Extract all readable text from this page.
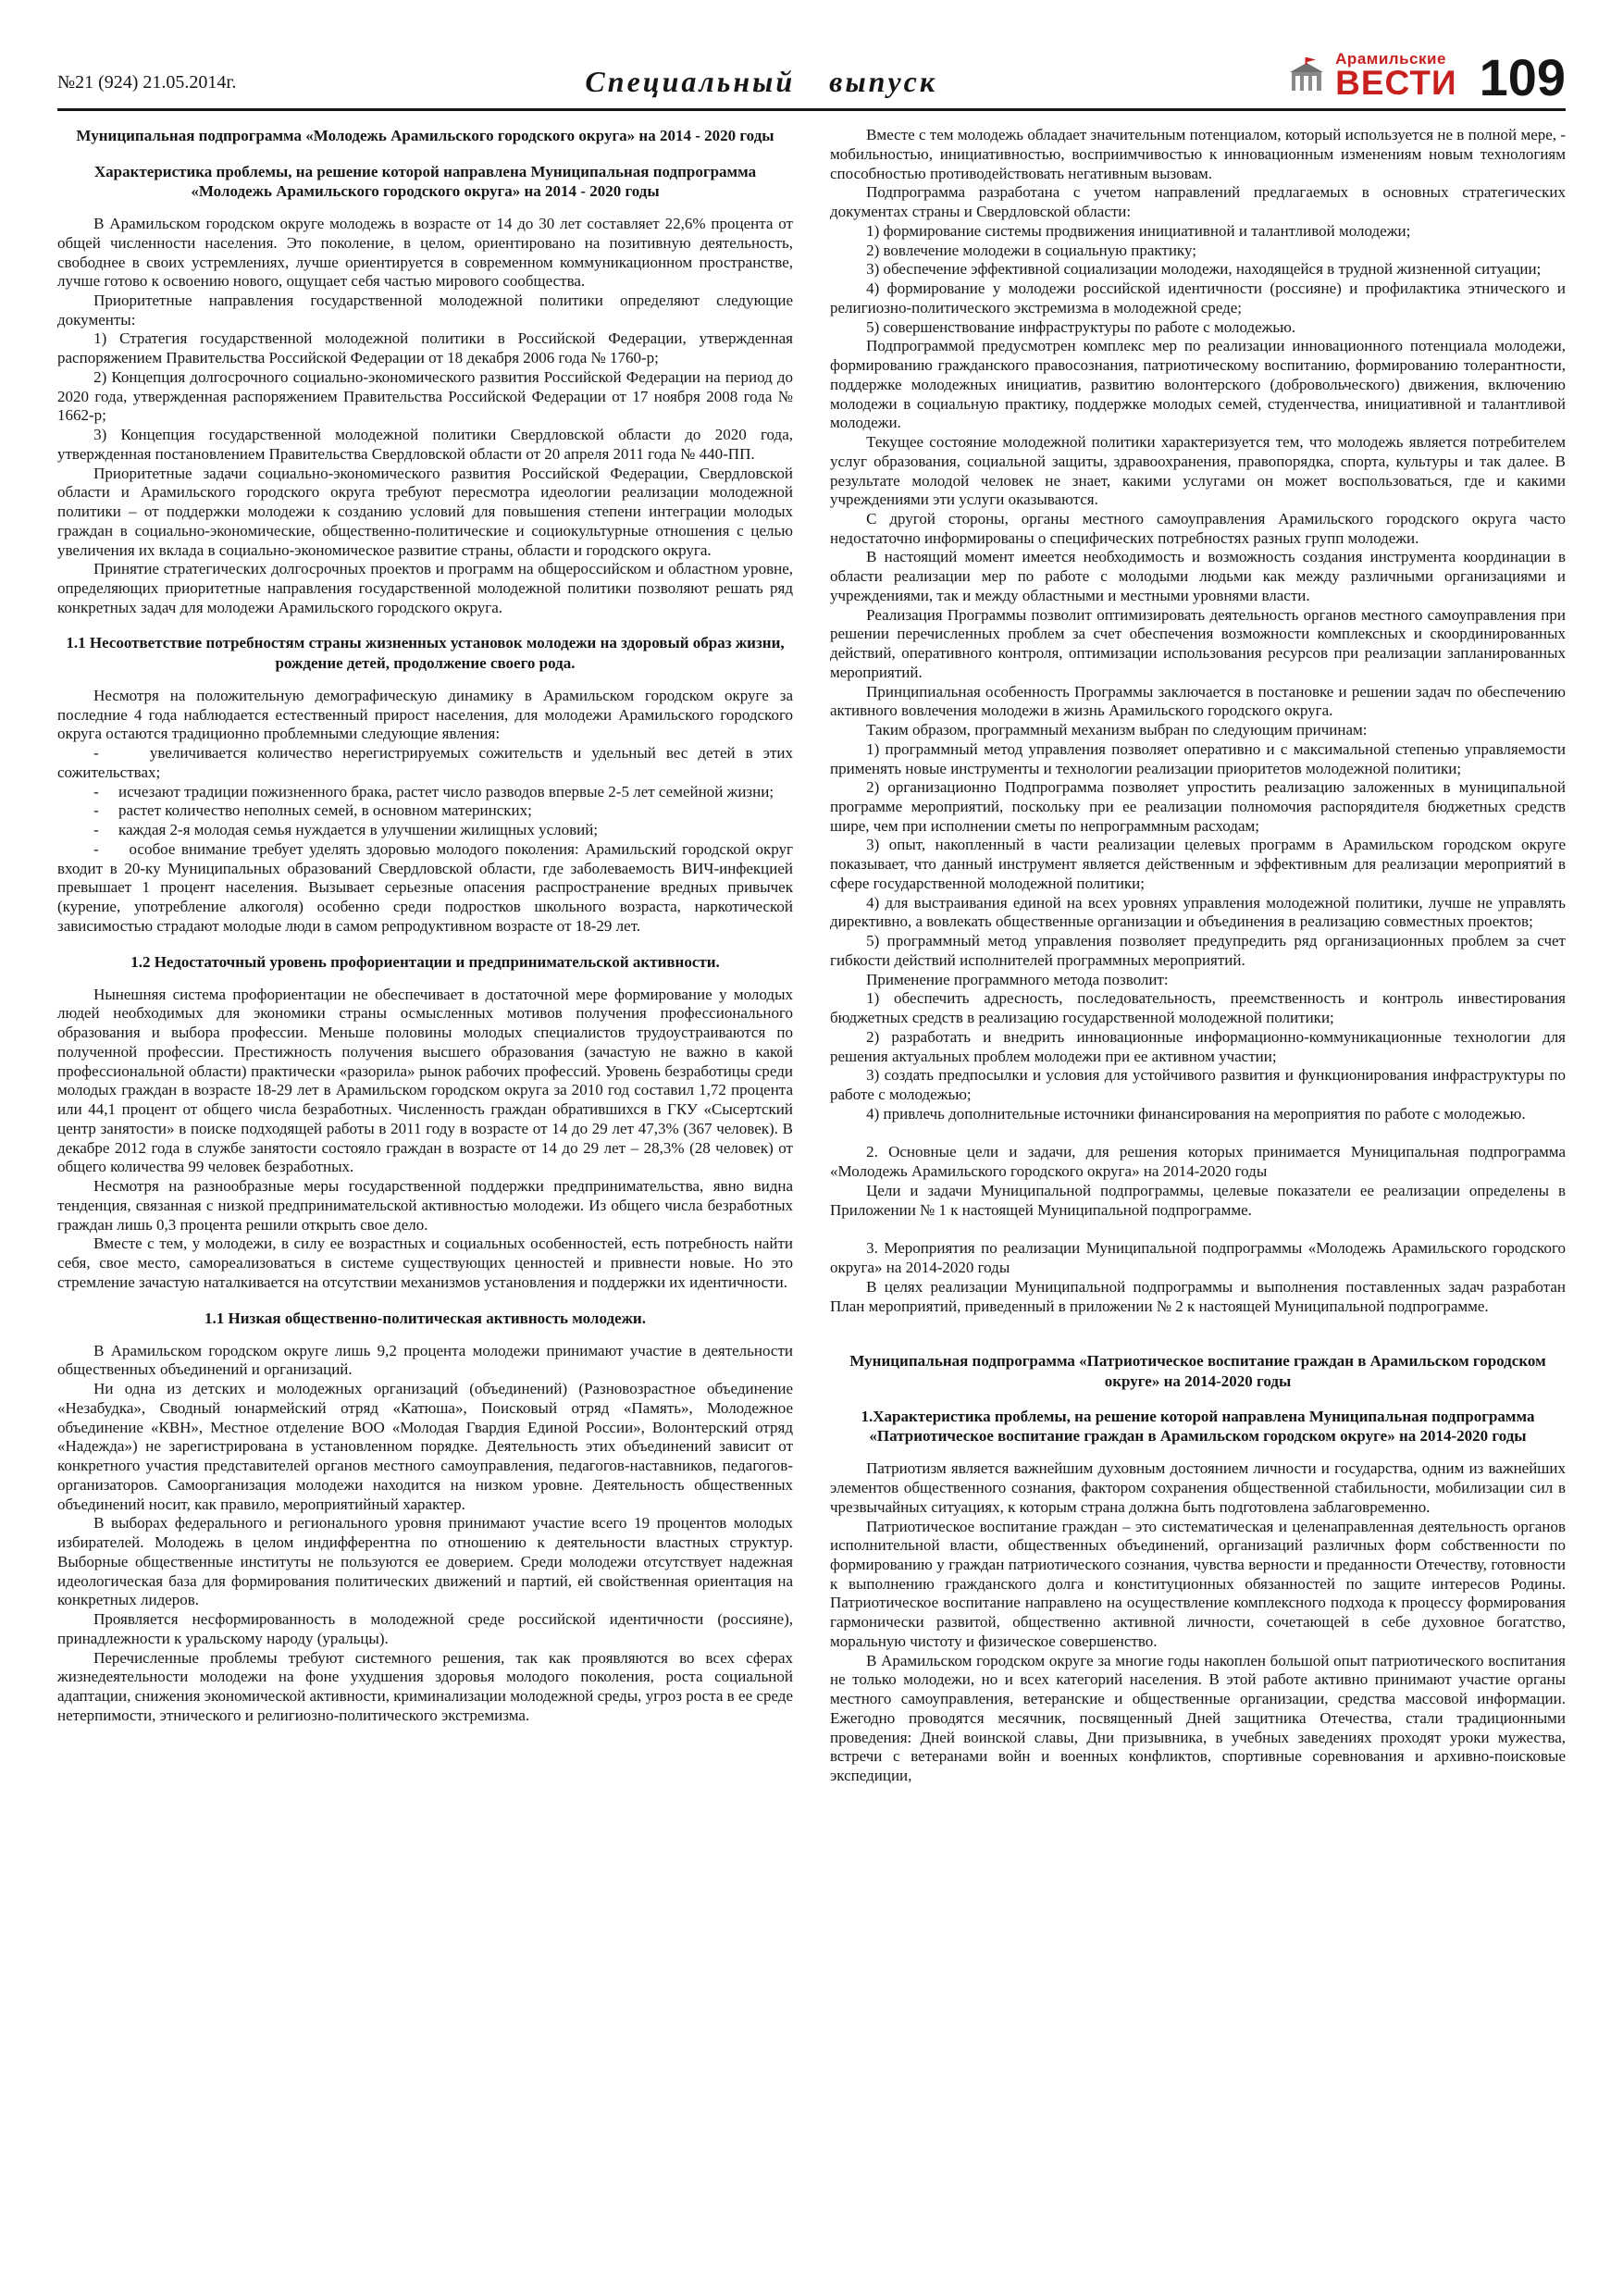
№21 (924) 21.05.2014г.	Специальный выпуск
Арамильские
ВЕСТИ 109
Муниципальная подпрограмма «Молодежь Арамильского городского округа» на 2014 - 2020 годы
Характеристика проблемы, на решение которой направлена Муниципальная подпрограмма «Молодежь Арамильского городского округа» на 2014 - 2020 годы

В Арамильском городском округе молодежь в возрасте от 14 до 30 лет составляет 22,6% процента от общей численности населения. Это поколение, в целом, ориентировано на позитивную деятельность, свободнее в своих устремлениях, лучше ориентируется в современном коммуникационном пространстве, лучше готово к освоению нового, ощущает себя частью мирового сообщества.

Приоритетные направления государственной молодежной политики определяют следующие документы:

1) Стратегия государственной молодежной политики в Российской Федерации, утвержденная распоряжением Правительства Российской Федерации от 18 декабря 2006 года № 1760-р;

2) Концепция долгосрочного социально-экономического развития Российской Федерации на период до 2020 года, утвержденная распоряжением Правительства Российской Федерации от 17 ноября 2008 года № 1662-р;

3) Концепция государственной молодежной политики Свердловской области до 2020 года, утвержденная постановлением Правительства Свердловской области от 20 апреля 2011 года № 440-ПП.

Приоритетные задачи социально-экономического развития Российской Федерации, Свердловской области и Арамильского городского округа требуют пересмотра идеологии реализации молодежной политики – от поддержки молодежи к созданию условий для повышения степени интеграции молодых граждан в социально-экономические, общественно-политические и социокультурные отношения с целью увеличения их вклада в социально-экономическое развитие страны, области и городского округа.

Принятие стратегических долгосрочных проектов и программ на общероссийском и областном уровне, определяющих приоритетные направления государственной молодежной политики позволяют решать ряд конкретных задач для молодежи Арамильского городского округа.

1.1 Несоответствие потребностям страны жизненных установок молодежи на здоровый образ жизни, рождение детей, продолжение своего рода.

Несмотря на положительную демографическую динамику в Арамильском городском округе за последние 4 года наблюдается естественный прирост населения, для молодежи Арамильского городского округа остаются традиционно проблемными следующие явления:

-     увеличивается количество нерегистрируемых сожительств и удельный вес детей в этих сожительствах;

-     исчезают традиции пожизненного брака, растет число разводов впервые 2-5 лет семейной жизни;

-     растет количество неполных семей, в основном материнских;

-     каждая 2-я молодая семья нуждается в улучшении жилищных условий;

-     особое внимание требует уделять здоровью молодого поколения: Арамильский городской округ входит в 20-ку Муниципальных образований Свердловской области, где заболеваемость ВИЧ-инфекцией превышает 1 процент населения. Вызывает серьезные опасения распространение вредных привычек (курение, употребление алкоголя) особенно среди подростков школьного возраста, наркотической зависимостью страдают молодые люди в самом репродуктивном возрасте от 18-29 лет.

1.2 Недостаточный уровень профориентации и предпринимательской активности.

Нынешняя система профориентации не обеспечивает в достаточной мере формирование у молодых людей необходимых для экономики страны осмысленных мотивов получения профессионального образования и выбора профессии. Меньше половины молодых специалистов трудоустраиваются по полученной профессии. Престижность получения высшего образования (зачастую не важно в какой профессиональной области) практически «разорила» рынок рабочих профессий. Уровень безработицы среди молодых граждан в возрасте 18-29 лет в Арамильском городском округа за 2010 год составил 1,72 процента или 44,1 процент от общего числа безработных. Численность граждан обратившихся в ГКУ «Сысертский центр занятости» в поиске подходящей работы в 2011 году в возрасте от 14 до 29 лет 47,3% (367 человек). В декабре 2012 года в службе занятости состояло граждан в возрасте от 14 до 29 лет – 28,3% (28 человек) от общего количества 99 человек безработных.

Несмотря на разнообразные меры государственной поддержки предпринимательства, явно видна тенденция, связанная с низкой предпринимательской активностью молодежи. Из общего числа безработных граждан лишь 0,3 процента решили открыть свое дело.

Вместе с тем, у молодежи, в силу ее возрастных и социальных особенностей, есть потребность найти себя, свое место, самореализоваться в системе существующих ценностей и привнести новые. Но это стремление зачастую наталкивается на отсутствии механизмов установления и поддержки их идентичности.

1.1 Низкая общественно-политическая активность молодежи.

В Арамильском городском округе лишь 9,2 процента молодежи принимают участие в деятельности общественных объединений и организаций.

Ни одна из детских и молодежных организаций (объединений) (Разновозрастное объединение «Незабудка», Сводный юнармейский отряд «Катюша», Поисковый отряд «Память», Молодежное объединение «КВН», Местное отделение ВОО «Молодая Гвардия Единой России», Волонтерский отряд «Надежда») не зарегистрирована в установленном порядке. Деятельность этих объединений зависит от конкретного участия представителей органов местного самоуправления, педагогов-наставников, педагогов-организаторов. Самоорганизация молодежи находится на низком уровне. Деятельность общественных объединений носит, как правило, мероприятийный характер.

В выборах федерального и регионального уровня принимают участие всего 19 процентов молодых избирателей. Молодежь в целом индифферентна по отношению к деятельности властных структур. Выборные общественные институты не пользуются ее доверием. Среди молодежи отсутствует надежная идеологическая база для формирования политических движений и партий, ей свойственная ориентация на конкретных лидеров.

Проявляется несформированность в молодежной среде российской идентичности (россияне), принадлежности к уральскому народу (уральцы).

Перечисленные проблемы требуют системного решения, так как проявляются во всех сферах жизнедеятельности молодежи на фоне ухудшения здоровья молодого поколения, роста социальной адаптации, снижения экономической активности, криминализации молодежной среды, угроз роста в ее среде нетерпимости, этнического и религиозно-политического экстремизма.

Вместе с тем молодежь обладает значительным потенциалом, который используется не в полной мере, - мобильностью, инициативностью, восприимчивостью к инновационным изменениям новым технологиям способностью противодействовать негативным вызовам.

Подпрограмма разработана с учетом направлений предлагаемых в основных стратегических документах страны и Свердловской области:

1) формирование системы продвижения инициативной и талантливой молодежи;

2) вовлечение молодежи в социальную практику;

3) обеспечение эффективной социализации молодежи, находящейся в трудной жизненной ситуации;

4) формирование у молодежи российской идентичности (россияне) и профилактика этнического и религиозно-политического экстремизма в молодежной среде;

5) совершенствование инфраструктуры по работе с молодежью.

Подпрограммой предусмотрен комплекс мер по реализации инновационного потенциала молодежи, формированию гражданского правосознания, патриотическому воспитанию, формированию толерантности, поддержке молодежных инициатив, развитию волонтерского (добровольческого) движения, включению молодежи в социальную практику, поддержке молодых семей, студенчества, инициативной и талантливой молодежи.

Текущее состояние молодежной политики характеризуется тем, что молодежь является потребителем услуг образования, социальной защиты, здравоохранения, правопорядка, спорта, культуры и так далее. В результате молодой человек не знает, какими услугами он может воспользоваться, где и какими учреждениями эти услуги оказываются.

С другой стороны, органы местного самоуправления Арамильского городского округа часто недостаточно информированы о специфических потребностях разных групп молодежи.

В настоящий момент имеется необходимость и возможность создания инструмента координации в области реализации мер по работе с молодыми людьми как между различными организациями и учреждениями, так и между областными и местными уровнями власти.

Реализация Программы позволит оптимизировать деятельность органов местного самоуправления при решении перечисленных проблем за счет обеспечения возможности комплексных и скоординированных действий, оперативного контроля, оптимизации использования ресурсов при реализации запланированных мероприятий.

Принципиальная особенность Программы заключается в постановке и решении задач по обеспечению активного вовлечения молодежи в жизнь Арамильского городского округа.

Таким образом, программный механизм выбран по следующим причинам:

1) программный метод управления позволяет оперативно и с максимальной степенью управляемости применять новые инструменты и технологии реализации приоритетов молодежной политики;

2) организационно Подпрограмма позволяет упростить реализацию заложенных в муниципальной программе мероприятий, поскольку при ее реализации полномочия распорядителя бюджетных средств шире, чем при исполнении сметы по непрограммным расходам;

3) опыт, накопленный в части реализации целевых программ в Арамильском городском округе показывает, что данный инструмент является действенным и эффективным для реализации мероприятий в сфере государственной молодежной политики;

4) для выстраивания единой на всех уровнях управления молодежной политики, лучше не управлять директивно, а вовлекать общественные организации и объединения в реализацию совместных проектов;

5) программный метод управления позволяет предупредить ряд организационных проблем за счет гибкости действий исполнителей программных мероприятий.

Применение программного метода позволит:

1) обеспечить адресность, последовательность, преемственность и контроль инвестирования бюджетных средств в реализацию государственной молодежной политики;

2) разработать и внедрить инновационные информационно-коммуникационные технологии для решения актуальных проблем молодежи при ее активном участии;

3) создать предпосылки и условия для устойчивого развития и функционирования инфраструктуры по работе с молодежью;

4) привлечь дополнительные источники финансирования на мероприятия по работе с молодежью.

2. Основные цели и задачи, для решения которых принимается Муниципальная подпрограмма «Молодежь Арамильского городского округа» на 2014-2020 годы

Цели и задачи Муниципальной подпрограммы, целевые показатели ее реализации определены в Приложении № 1 к настоящей Муниципальной подпрограмме.

3. Мероприятия по реализации Муниципальной подпрограммы «Молодежь Арамильского городского округа» на 2014-2020 годы

В целях реализации Муниципальной подпрограммы и выполнения поставленных задач разработан План мероприятий, приведенный в приложении № 2 к настоящей Муниципальной подпрограмме.

Муниципальная подпрограмма «Патриотическое воспитание граждан в Арамильском городском округе» на 2014-2020 годы
1.Характеристика проблемы, на решение которой направлена Муниципальная подпрограмма «Патриотическое воспитание граждан в Арамильском городском округе» на 2014-2020 годы

Патриотизм является важнейшим духовным достоянием личности и государства, одним из важнейших элементов общественного сознания, фактором сохранения общественной стабильности, мобилизации сил в чрезвычайных ситуациях, к которым страна должна быть подготовлена заблаговременно.

Патриотическое воспитание граждан – это систематическая и целенаправленная деятельность органов исполнительной власти, общественных объединений, организаций различных форм собственности по формированию у граждан патриотического сознания, чувства верности и преданности Отечеству, готовности к выполнению гражданского долга и конституционных обязанностей по защите интересов Родины. Патриотическое воспитание направлено на осуществление комплексного подхода к процессу формирования гармонически развитой, общественно активной личности, сочетающей в себе духовное богатство, моральную чистоту и физическое совершенство.

В Арамильском городском округе за многие годы накоплен большой опыт патриотического воспитания не только молодежи, но и всех категорий населения. В этой работе активно принимают участие органы местного самоуправления, ветеранские и общественные организации, средства массовой информации. Ежегодно проводятся месячник, посвященный Дней защитника Отечества, стали традиционными проведения: Дней воинской славы, Дни призывника, в учебных заведениях проходят уроки мужества, встречи с ветеранами войн и военных конфликтов, спортивные соревнования и архивно-поисковые экспедиции,
